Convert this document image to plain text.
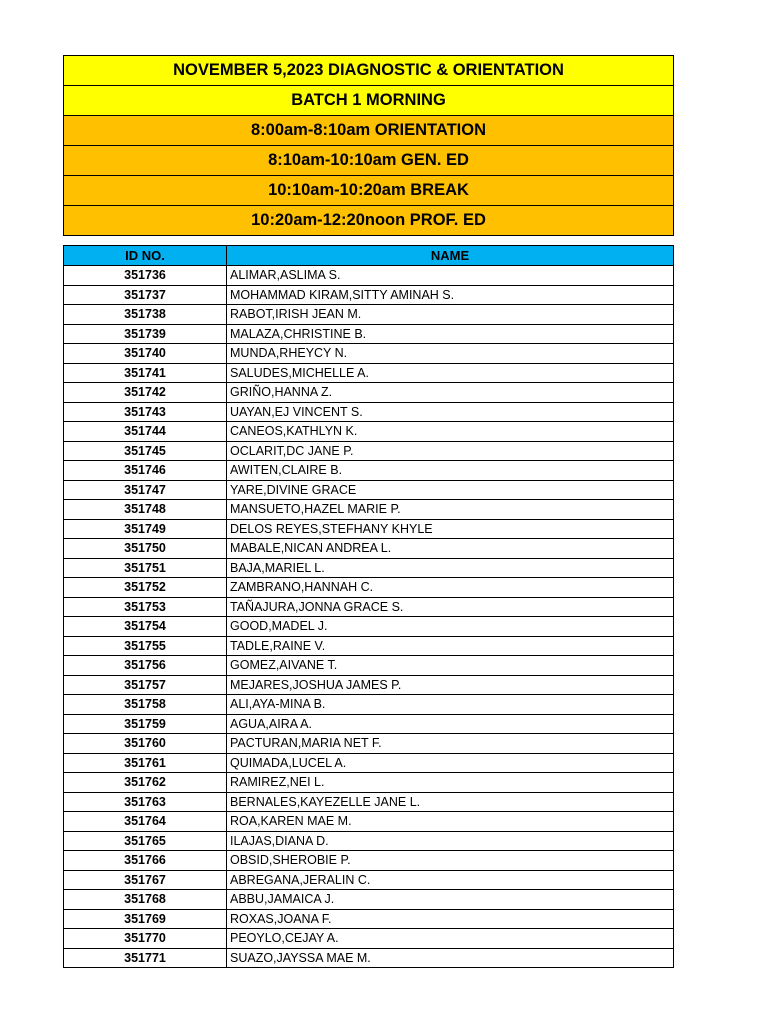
NOVEMBER 5,2023 DIAGNOSTIC & ORIENTATION
BATCH 1 MORNING
8:00am-8:10am ORIENTATION
8:10am-10:10am GEN. ED
10:10am-10:20am BREAK
10:20am-12:20noon PROF. ED
ID NO.	NAME
351736	ALIMAR,ASLIMA S.
351737	MOHAMMAD KIRAM,SITTY AMINAH S.
351738	RABOT,IRISH JEAN M.
351739	MALAZA,CHRISTINE B.
351740	MUNDA,RHEYCY N.
351741	SALUDES,MICHELLE A.
351742	GRIÑO,HANNA Z.
351743	UAYAN,EJ VINCENT S.
351744	CANEOS,KATHLYN K.
351745	OCLARIT,DC JANE P.
351746	AWITEN,CLAIRE B.
351747	YARE,DIVINE GRACE
351748	MANSUETO,HAZEL MARIE P.
351749	DELOS REYES,STEFHANY KHYLE
351750	MABALE,NICAN ANDREA L.
351751	BAJA,MARIEL L.
351752	ZAMBRANO,HANNAH C.
351753	TAÑAJURA,JONNA GRACE S.
351754	GOOD,MADEL J.
351755	TADLE,RAINE V.
351756	GOMEZ,AIVANE T.
351757	MEJARES,JOSHUA JAMES P.
351758	ALI,AYA-MINA B.
351759	AGUA,AIRA A.
351760	PACTURAN,MARIA NET F.
351761	QUIMADA,LUCEL A.
351762	RAMIREZ,NEI L.
351763	BERNALES,KAYEZELLE JANE L.
351764	ROA,KAREN MAE M.
351765	ILAJAS,DIANA D.
351766	OBSID,SHEROBIE P.
351767	ABREGANA,JERALIN C.
351768	ABBU,JAMAICA J.
351769	ROXAS,JOANA F.
351770	PEOYLO,CEJAY A.
351771	SUAZO,JAYSSA MAE M.
